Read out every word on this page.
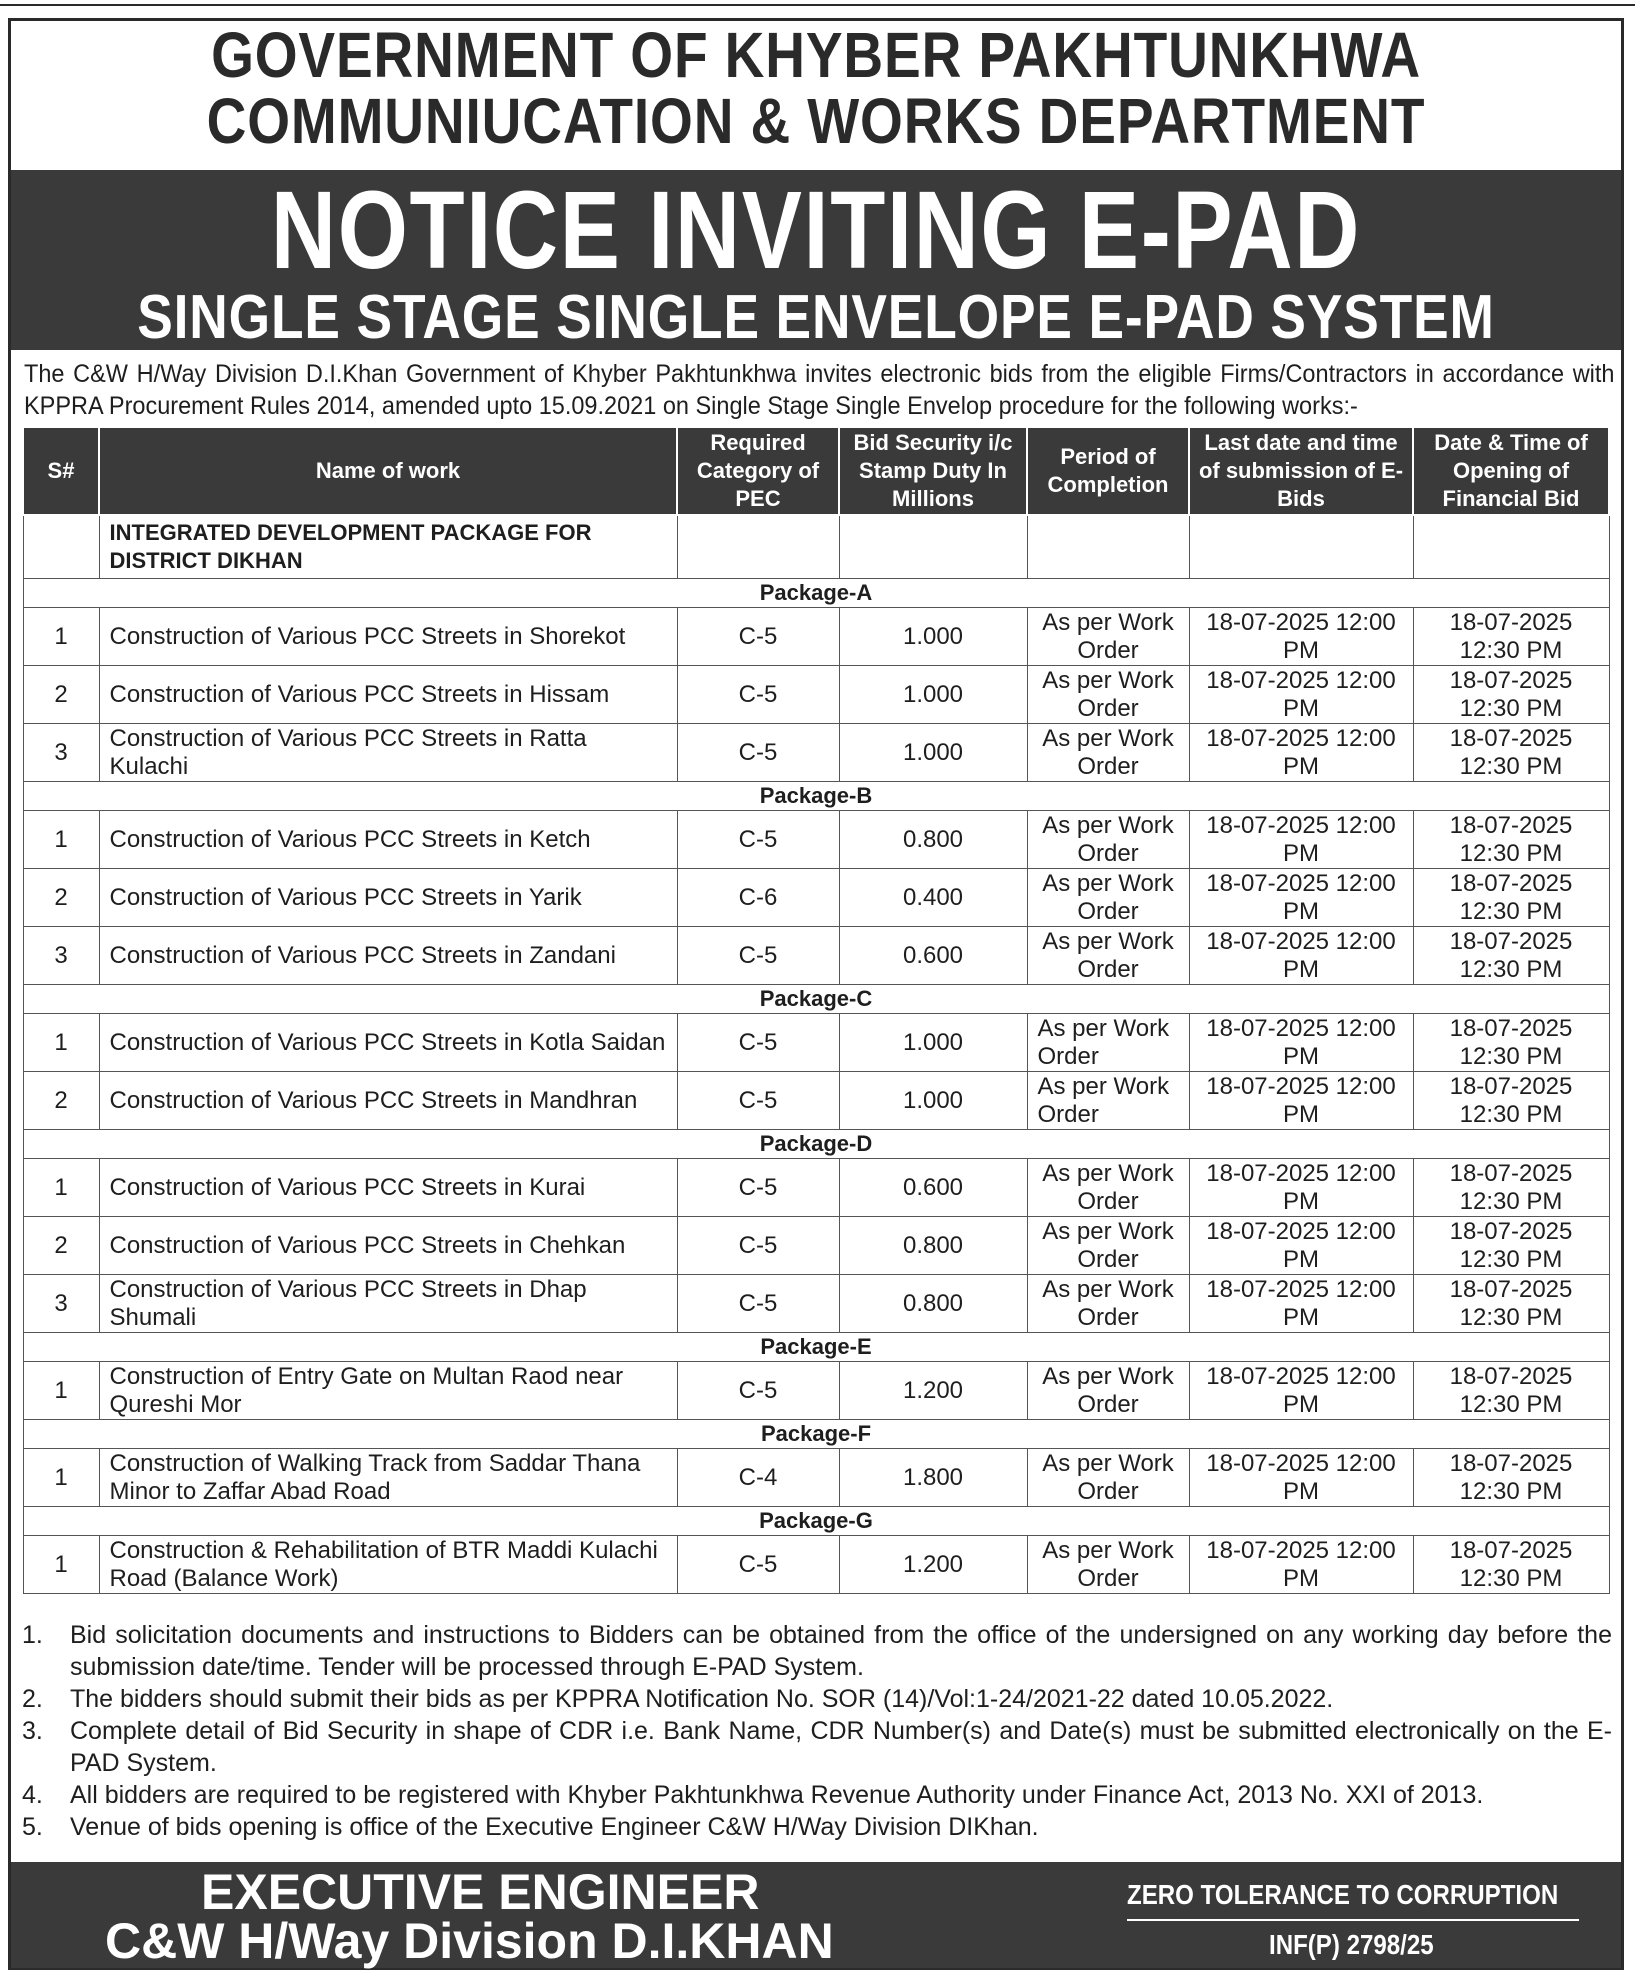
GOVERNMENT OF KHYBER PAKHTUNKHWA
COMMUNIUCATION & WORKS DEPARTMENT
NOTICE INVITING E-PAD
SINGLE STAGE SINGLE ENVELOPE E-PAD SYSTEM
The C&W H/Way Division D.I.Khan Government of Khyber Pakhtunkhwa invites electronic bids from the eligible Firms/Contractors in accordance with KPPRA Procurement Rules 2014, amended upto 15.09.2021 on Single Stage Single Envelop procedure for the following works:-
S#	Name of work	Required Category of PEC	Bid Security i/c Stamp Duty In Millions	Period of Completion	Last date and time of submission of E-Bids	Date & Time of Opening of Financial Bid
	INTEGRATED DEVELOPMENT PACKAGE FOR DISTRICT DIKHAN					
Package-A						
1	Construction of Various PCC Streets in Shorekot	C-5	1.000	As per Work Order	18-07-2025 12:00 PM	18-07-2025 12:30 PM
2	Construction of Various PCC Streets in Hissam	C-5	1.000	As per Work Order	18-07-2025 12:00 PM	18-07-2025 12:30 PM
3	Construction of Various PCC Streets in Ratta Kulachi	C-5	1.000	As per Work Order	18-07-2025 12:00 PM	18-07-2025 12:30 PM
Package-B						
1	Construction of Various PCC Streets in Ketch	C-5	0.800	As per Work Order	18-07-2025 12:00 PM	18-07-2025 12:30 PM
2	Construction of Various PCC Streets in Yarik	C-6	0.400	As per Work Order	18-07-2025 12:00 PM	18-07-2025 12:30 PM
3	Construction of Various PCC Streets in Zandani	C-5	0.600	As per Work Order	18-07-2025 12:00 PM	18-07-2025 12:30 PM
Package-C						
1	Construction of Various PCC Streets in Kotla Saidan	C-5	1.000	As per Work Order	18-07-2025 12:00 PM	18-07-2025 12:30 PM
2	Construction of Various PCC Streets in Mandhran	C-5	1.000	As per Work Order	18-07-2025 12:00 PM	18-07-2025 12:30 PM
Package-D						
1	Construction of Various PCC Streets in Kurai	C-5	0.600	As per Work Order	18-07-2025 12:00 PM	18-07-2025 12:30 PM
2	Construction of Various PCC Streets in Chehkan	C-5	0.800	As per Work Order	18-07-2025 12:00 PM	18-07-2025 12:30 PM
3	Construction of Various PCC Streets in Dhap Shumali	C-5	0.800	As per Work Order	18-07-2025 12:00 PM	18-07-2025 12:30 PM
Package-E						
1	Construction of Entry Gate on Multan Raod near Qureshi Mor	C-5	1.200	As per Work Order	18-07-2025 12:00 PM	18-07-2025 12:30 PM
Package-F						
1	Construction of Walking Track from Saddar Thana Minor to Zaffar Abad Road	C-4	1.800	As per Work Order	18-07-2025 12:00 PM	18-07-2025 12:30 PM
Package-G						
1	Construction & Rehabilitation of BTR Maddi Kulachi Road (Balance Work)	C-5	1.200	As per Work Order	18-07-2025 12:00 PM	18-07-2025 12:30 PM
1.	Bid solicitation documents and instructions to Bidders can be obtained from the office of the undersigned on any working day before the submission date/time. Tender will be processed through E-PAD System.
2.	The bidders should submit their bids as per KPPRA Notification No. SOR (14)/Vol:1-24/2021-22 dated 10.05.2022.
3.	Complete detail of Bid Security in shape of CDR i.e. Bank Name, CDR Number(s) and Date(s) must be submitted electronically on the E-PAD System.
4.	All bidders are required to be registered with Khyber Pakhtunkhwa Revenue Authority under Finance Act, 2013 No. XXI of 2013.
5.	Venue of bids opening is office of the Executive Engineer C&W H/Way Division DIKhan.
EXECUTIVE ENGINEER
C&W H/Way Division D.I.KHAN
ZERO TOLERANCE TO CORRUPTION
INF(P) 2798/25
